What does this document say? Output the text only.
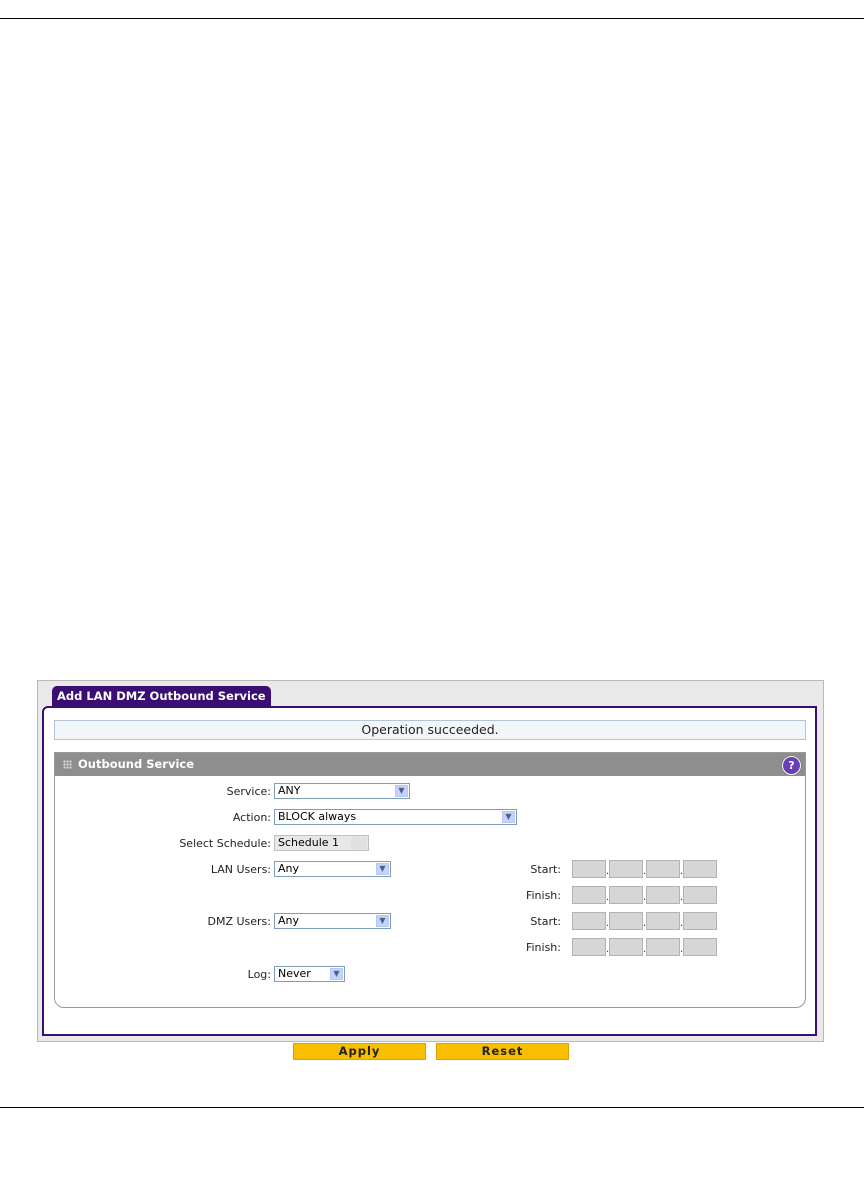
Add LAN DMZ Outbound Service
Operation succeeded.
Outbound Service	?
Service: ANY	▼
Action: BLOCK always	▼
Select Schedule: Schedule 1
LAN Users: Any	▼	Start:	.	.	.
Finish:	.	.	.
DMZ Users: Any	▼	Start:	.	.	.
Finish:	.	.	.
Log: Never	▼
Apply	Reset
